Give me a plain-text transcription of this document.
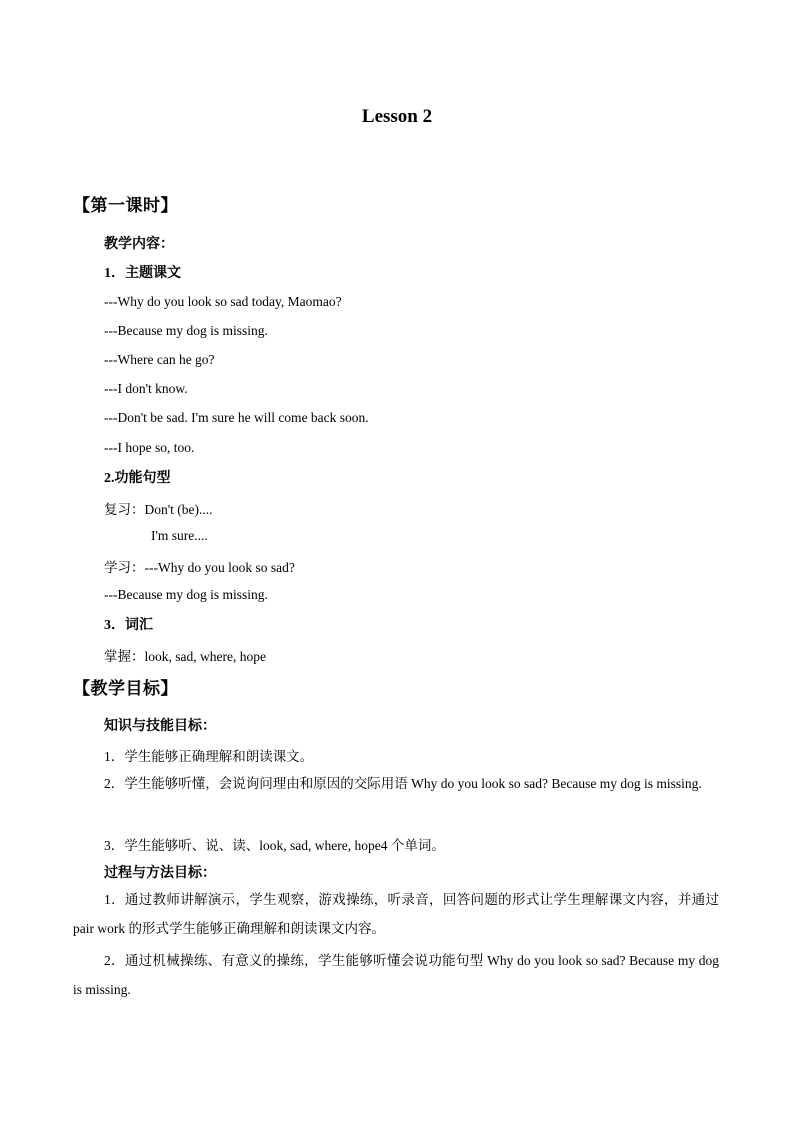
Lesson 2
【第一课时】
教学内容：
1．主题课文
---Why do you look so sad today, Maomao?
---Because my dog is missing.
---Where can he go?
---I don't know.
---Don't be sad. I'm sure he will come back soon.
---I hope so, too.
2.功能句型
复习：Don't (be)....
I'm sure....
学习：---Why do you look so sad?
---Because my dog is missing.
3．词汇
掌握：look, sad, where, hope
【教学目标】
知识与技能目标：
1．学生能够正确理解和朗读课文。
2．学生能够听懂，会说询问理由和原因的交际用语 Why do you look so sad? Because my dog is missing.
3．学生能够听、说、读、look, sad, where, hope4 个单词。
过程与方法目标：
1．通过教师讲解演示，学生观察，游戏操练，听录音，回答问题的形式让学生理解课文内容，并通过 pair work 的形式学生能够正确理解和朗读课文内容。
2．通过机械操练、有意义的操练，学生能够听懂会说功能句型 Why do you look so sad? Because my dog is missing.
